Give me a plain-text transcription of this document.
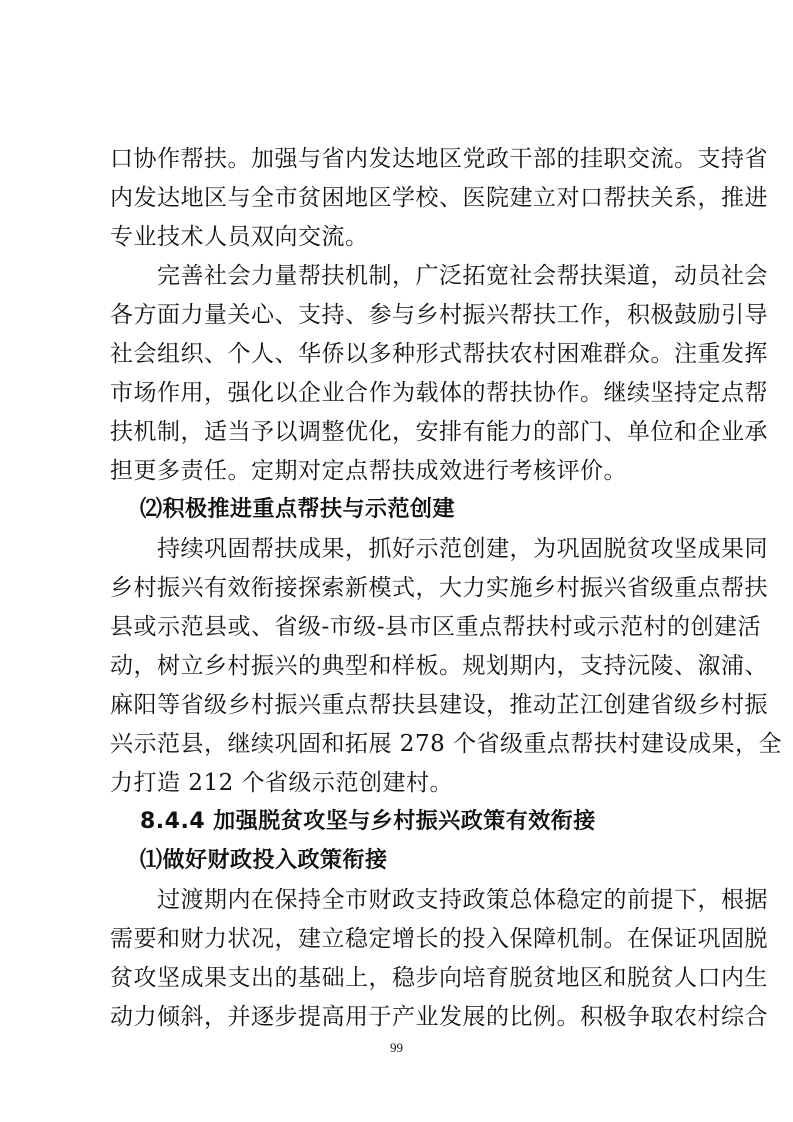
口协作帮扶。加强与省内发达地区党政干部的挂职交流。支持省
内发达地区与全市贫困地区学校、医院建立对口帮扶关系，推进
专业技术人员双向交流。
　　完善社会力量帮扶机制，广泛拓宽社会帮扶渠道，动员社会
各方面力量关心、支持、参与乡村振兴帮扶工作，积极鼓励引导
社会组织、个人、华侨以多种形式帮扶农村困难群众。注重发挥
市场作用，强化以企业合作为载体的帮扶协作。继续坚持定点帮
扶机制，适当予以调整优化，安排有能力的部门、单位和企业承
担更多责任。定期对定点帮扶成效进行考核评价。
⑵积极推进重点帮扶与示范创建
　　持续巩固帮扶成果，抓好示范创建，为巩固脱贫攻坚成果同
乡村振兴有效衔接探索新模式，大力实施乡村振兴省级重点帮扶
县或示范县或、省级-市级-县市区重点帮扶村或示范村的创建活
动，树立乡村振兴的典型和样板。规划期内，支持沅陵、溆浦、
麻阳等省级乡村振兴重点帮扶县建设，推动芷江创建省级乡村振
兴示范县，继续巩固和拓展 278 个省级重点帮扶村建设成果，全
力打造 212 个省级示范创建村。
8.4.4 加强脱贫攻坚与乡村振兴政策有效衔接
⑴做好财政投入政策衔接
　　过渡期内在保持全市财政支持政策总体稳定的前提下，根据
需要和财力状况，建立稳定增长的投入保障机制。在保证巩固脱
贫攻坚成果支出的基础上，稳步向培育脱贫地区和脱贫人口内生
动力倾斜，并逐步提高用于产业发展的比例。积极争取农村综合
99
